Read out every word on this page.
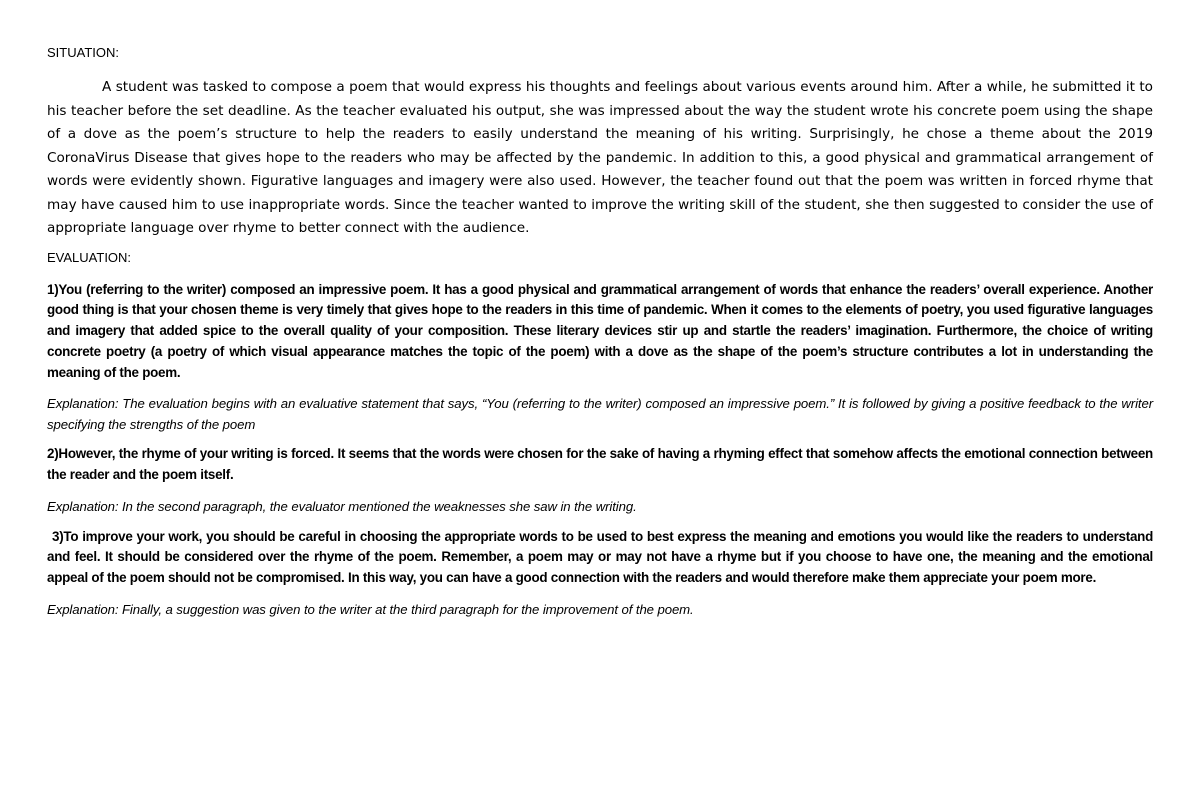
SITUATION:

A student was tasked to compose a poem that would express his thoughts and feelings about various events around him. After a while, he submitted it to his teacher before the set deadline. As the teacher evaluated his output, she was impressed about the way the student wrote his concrete poem using the shape of a dove as the poem’s structure to help the readers to easily understand the meaning of his writing. Surprisingly, he chose a theme about the 2019 CoronaVirus Disease that gives hope to the readers who may be affected by the pandemic. In addition to this, a good physical and grammatical arrangement of words were evidently shown. Figurative languages and imagery were also used. However, the teacher found out that the poem was written in forced rhyme that may have caused him to use inappropriate words. Since the teacher wanted to improve the writing skill of the student, she then suggested to consider the use of appropriate language over rhyme to better connect with the audience.

EVALUATION:

1)You (referring to the writer) composed an impressive poem. It has a good physical and grammatical arrangement of words that enhance the readers’ overall experience. Another good thing is that your chosen theme is very timely that gives hope to the readers in this time of pandemic. When it comes to the elements of poetry, you used figurative languages and imagery that added spice to the overall quality of your composition. These literary devices stir up and startle the readers’ imagination. Furthermore, the choice of writing concrete poetry (a poetry of which visual appearance matches the topic of the poem) with a dove as the shape of the poem’s structure contributes a lot in understanding the meaning of the poem.

Explanation: The evaluation begins with an evaluative statement that says, “You (referring to the writer) composed an impressive poem.” It is followed by giving a positive feedback to the writer specifying the strengths of the poem

2)However, the rhyme of your writing is forced. It seems that the words were chosen for the sake of having a rhyming effect that somehow affects the emotional connection between the reader and the poem itself.

Explanation: In the second paragraph, the evaluator mentioned the weaknesses she saw in the writing.

3)To improve your work, you should be careful in choosing the appropriate words to be used to best express the meaning and emotions you would like the readers to understand and feel. It should be considered over the rhyme of the poem. Remember, a poem may or may not have a rhyme but if you choose to have one, the meaning and the emotional appeal of the poem should not be compromised. In this way, you can have a good connection with the readers and would therefore make them appreciate your poem more.

Explanation: Finally, a suggestion was given to the writer at the third paragraph for the improvement of the poem.
